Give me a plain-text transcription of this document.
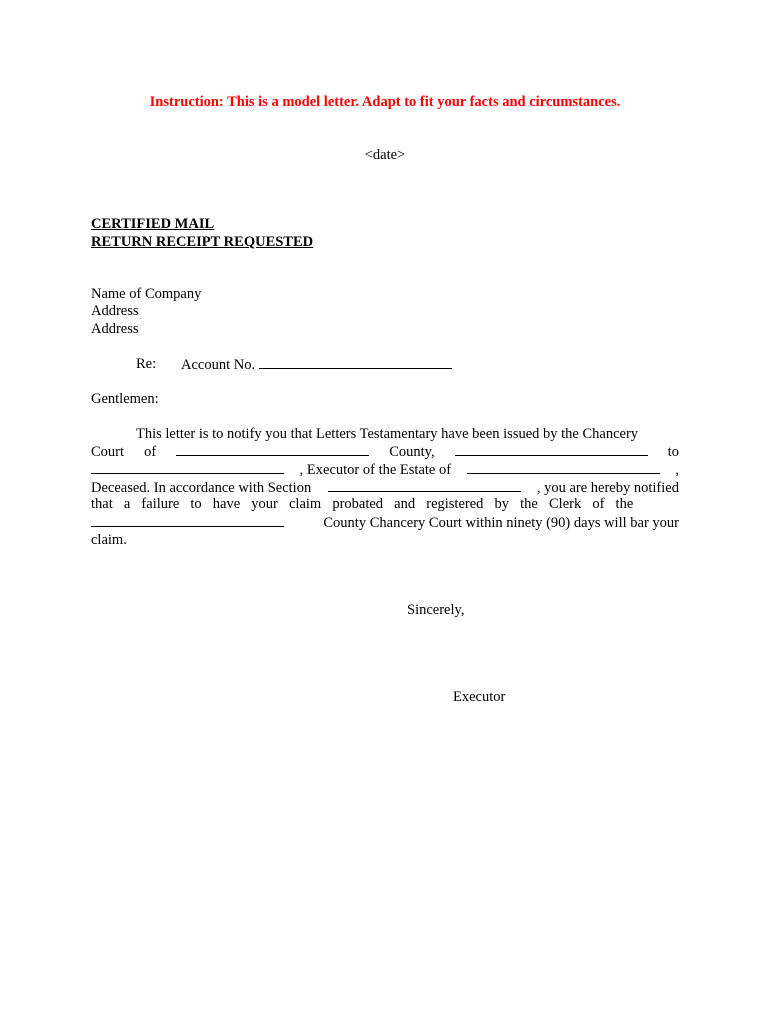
Instruction: This is a model letter. Adapt to fit your facts and circumstances.
<date>
CERTIFIED MAIL
RETURN RECEIPT REQUESTED
Name of Company
Address
Address
Re: Account No.
Gentlemen:
This letter is to notify you that Letters Testamentary have been issued by the Chancery
Court of	County,	to
, Executor of the Estate of	,
Deceased. In accordance with Section	, you are hereby notified
that a failure to have your claim probated and registered by the Clerk of the
County Chancery Court within ninety (90) days will bar your
claim.
Sincerely,
Executor
